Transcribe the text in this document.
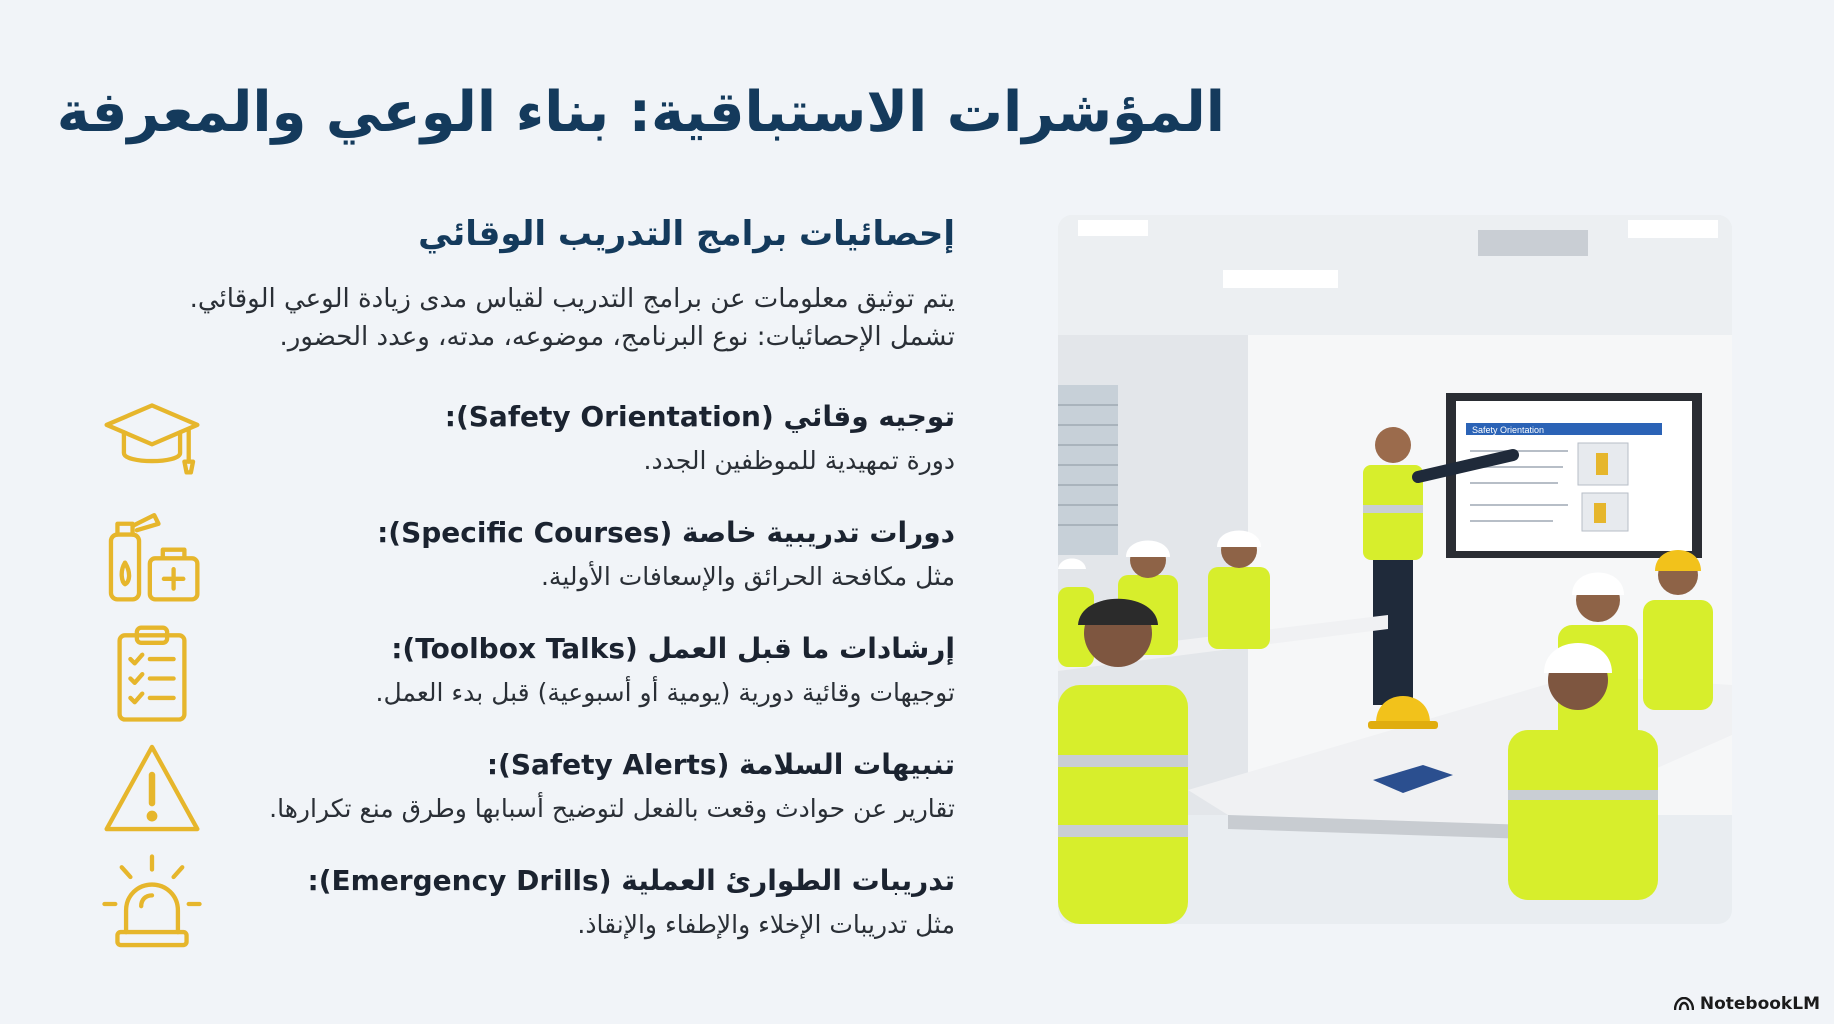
المؤشرات الاستباقية: بناء الوعي والمعرفة
إحصائيات برامج التدريب الوقائي

يتم توثيق معلومات عن برامج التدريب لقياس مدى زيادة الوعي الوقائي.

تشمل الإحصائيات: نوع البرنامج، موضوعه، مدته، وعدد الحضور.

توجيه وقائي (Safety Orientation):
دورة تمهيدية للموظفين الجدد.
دورات تدريبية خاصة (Specific Courses):
مثل مكافحة الحرائق والإسعافات الأولية.
إرشادات ما قبل العمل (Toolbox Talks):
توجيهات وقائية دورية (يومية أو أسبوعية) قبل بدء العمل.
تنبيهات السلامة (Safety Alerts):
تقارير عن حوادث وقعت بالفعل لتوضيح أسبابها وطرق منع تكرارها.
تدريبات الطوارئ العملية (Emergency Drills):
مثل تدريبات الإخلاء والإطفاء والإنقاذ.
Safety Orientation
NotebookLM
